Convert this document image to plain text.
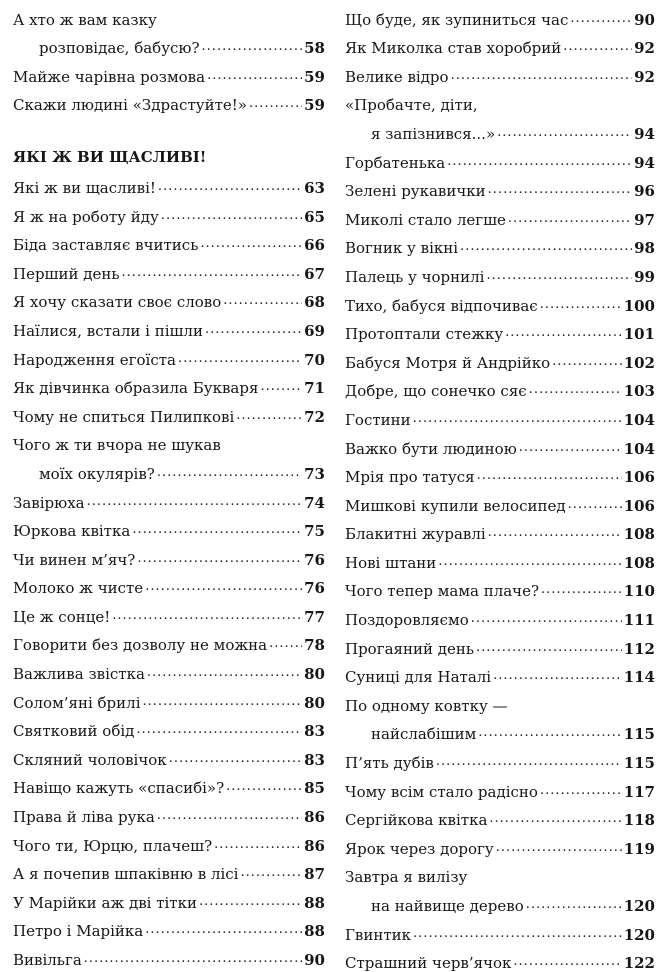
А хто ж вам казку
розповідає, бабусю? .....	58
Майже чарівна розмова .....	59
Скажи людині «Здрастуйте!» .....	59
ЯКІ Ж ВИ ЩАСЛИВІ!
Які ж ви щасливі! .....	63
Я ж на роботу йду .....	65
Біда заставляє вчитись .....	66
Перший день .....	67
Я хочу сказати своє слово .....	68
Наїлися, встали і пішли .....	69
Народження егоїста .....	70
Як дівчинка образила Букваря .....	71
Чому не спиться Пилипкові .....	72
Чого ж ти вчора не шукав
моїх окулярів? .....	73
Завірюха .....	74
Юркова квітка .....	75
Чи винен м’яч? .....	76
Молоко ж чисте .....	76
Це ж сонце! .....	77
Говорити без дозволу не можна ..... 78
Важлива звістка .....	80
Солом’яні брилі .....	80
Святковий обід .....	83
Скляний чоловічок .....	83
Навіщо кажуть «спасибі»? .....	85
Права й ліва рука .....	86
Чого ти, Юрцю, плачеш? .....	86
А я почепив шпаківню в лісі .....	87
У Марійки аж дві тітки .....	88
Петро і Марійка .....	88
Вивільга .....	90
Що буде, як зупиниться час .....	90
Як Миколка став хоробрий .....	92
Велике відро .....	92
«Пробачте, діти,
я запізнився...» .....	94
Горбатенька .....	94
Зелені рукавички .....	96
Миколі стало легше .....	97
Вогник у вікні .....	98
Палець у чорнилі .....	99
Тихо, бабуся відпочиває .....	100
Протоптали стежку .....	101
Бабуся Мотря й Андрійко .....	102
Добре, що сонечко сяє .....	103
Гостини .....	104
Важко бути людиною .....	104
Мрія про татуся .....	106
Мишкові купили велосипед .....	106
Блакитні журавлі .....	108
Нові штани .....	108
Чого тепер мама плаче? .....	110
Поздоровляємо .....	111
Прогаяний день .....	112
Суниці для Наталі .....	114
По одному ковтку —
найслабішим .....	115
П’ять дубів .....	115
Чому всім стало радісно .....	117
Сергійкова квітка .....	118
Ярок через дорогу .....	119
Завтра я вилізу
на найвище дерево .....	120
Гвинтик .....	120
Страшний черв’ячок .....	122
